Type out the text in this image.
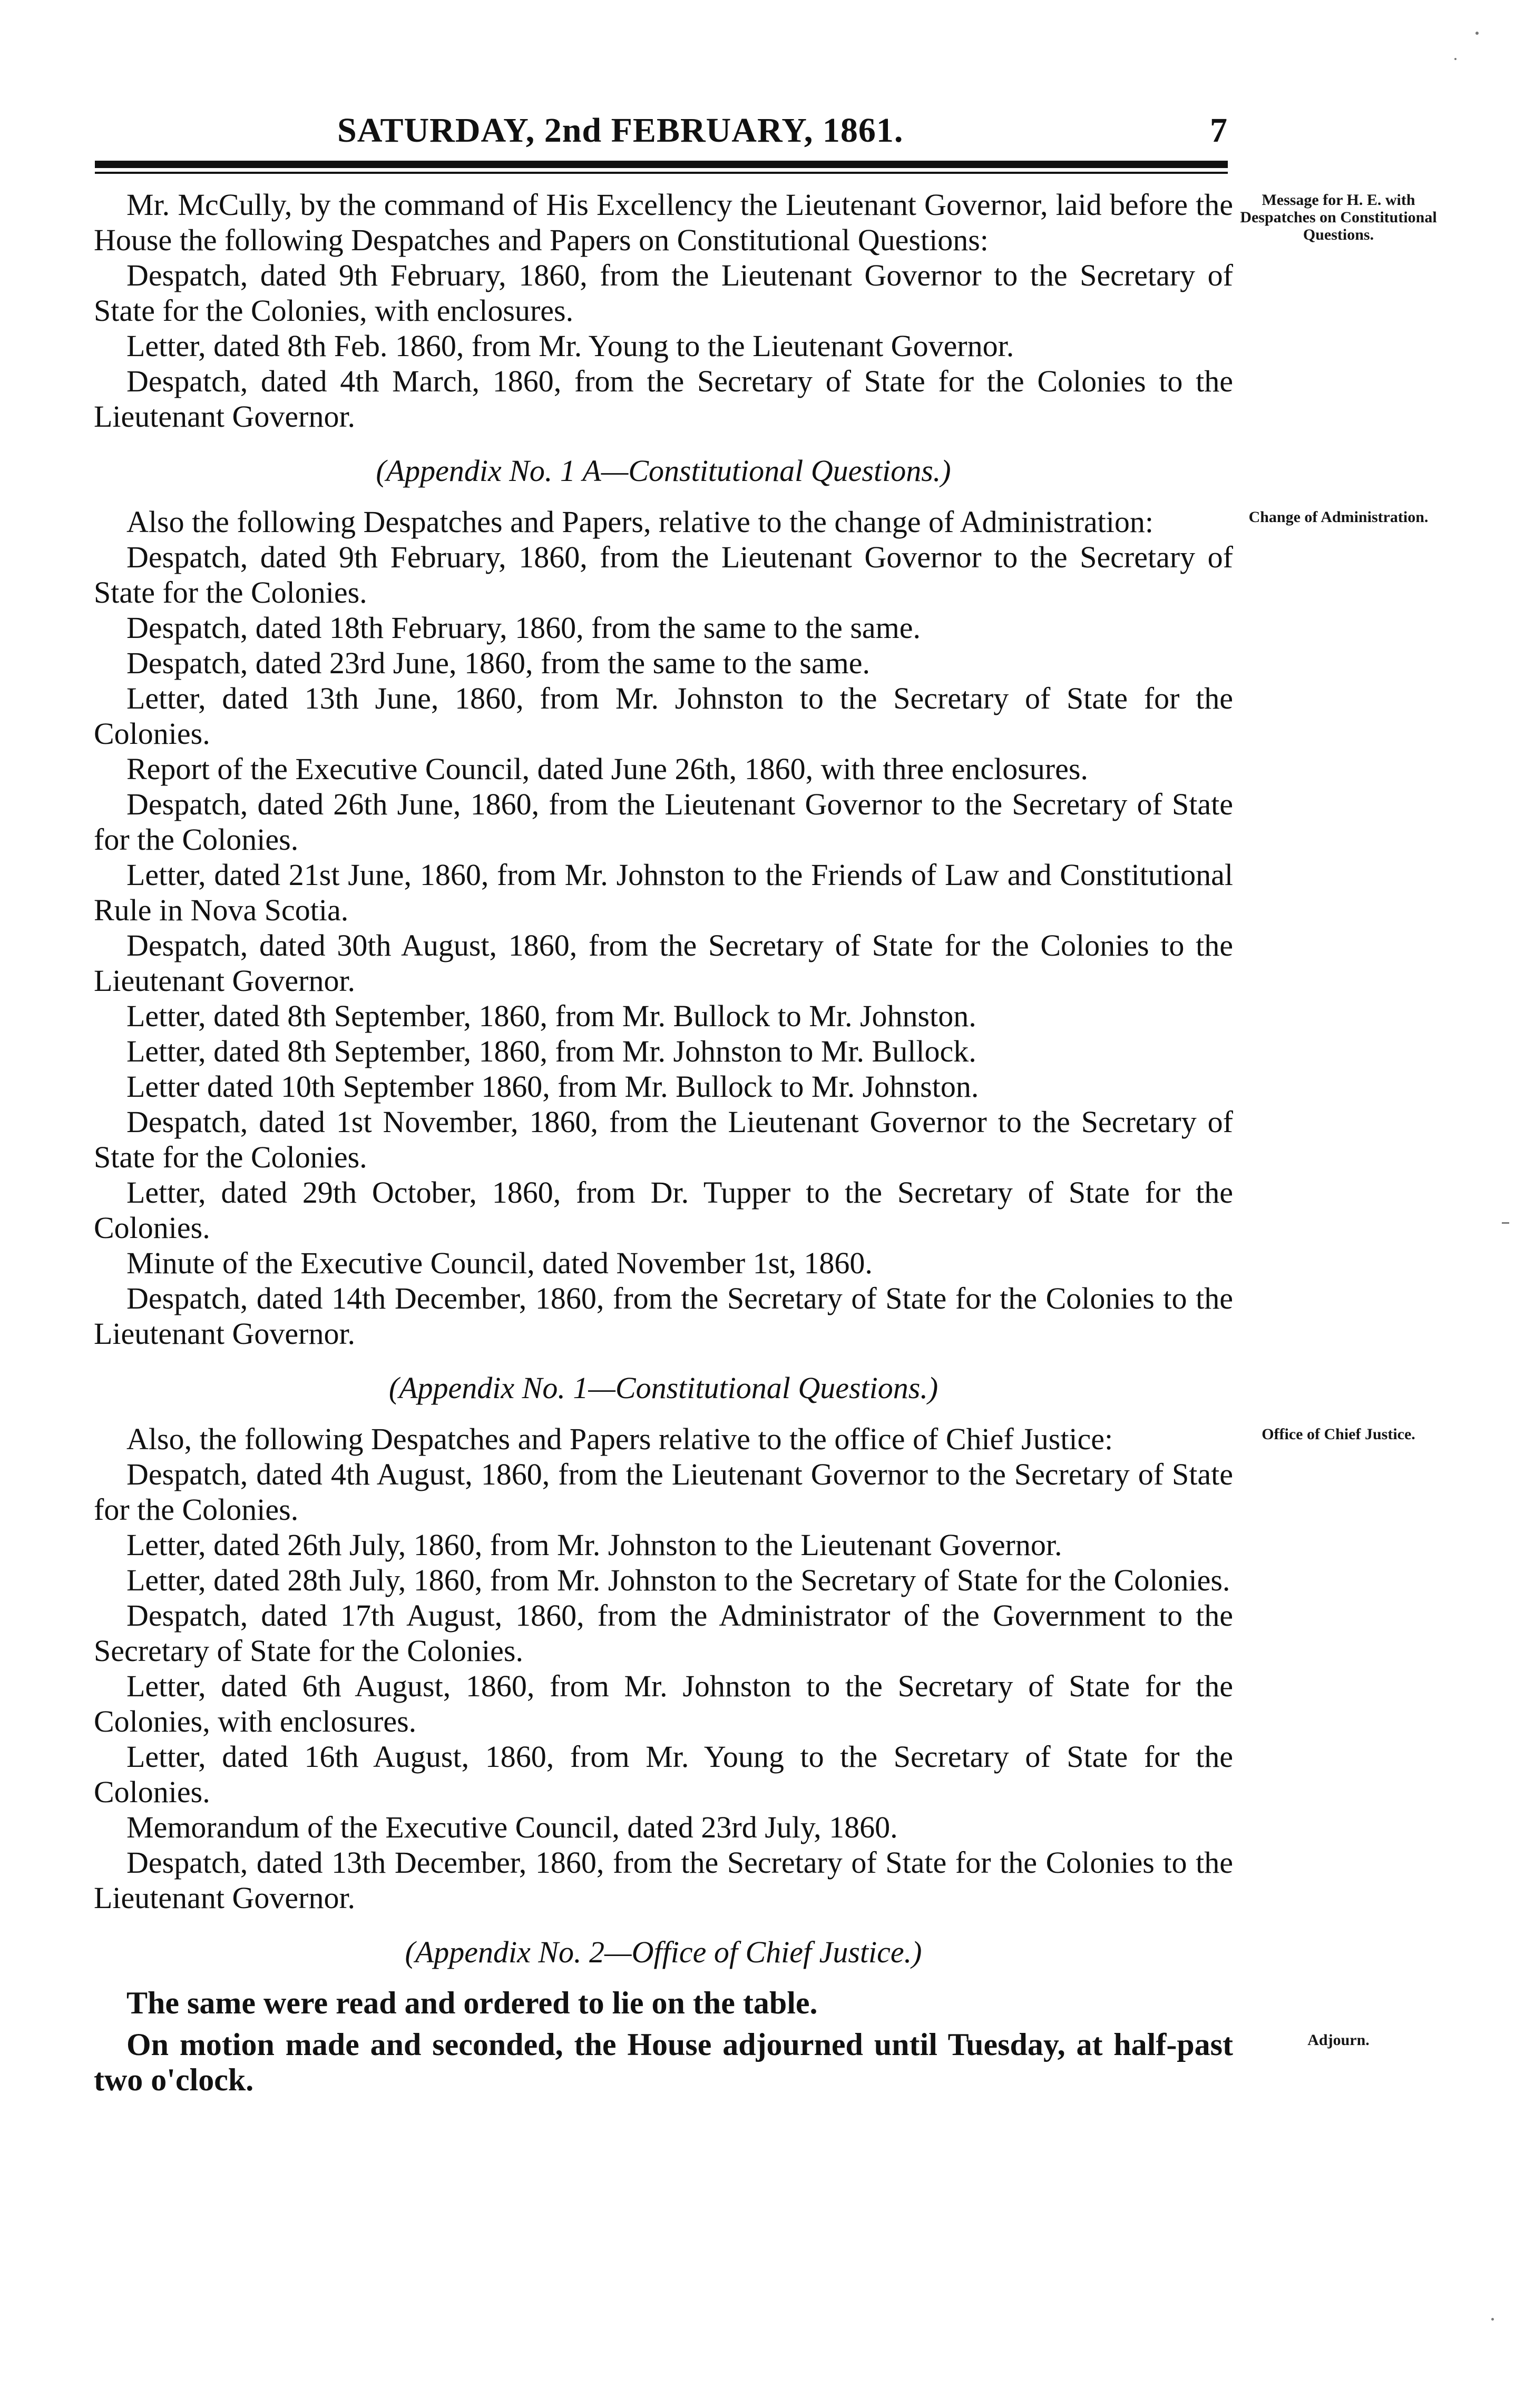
SATURDAY, 2nd FEBRUARY, 1861.	7

Mr. McCully, by the command of His Excellency the Lieutenant Governor, laid before the House the following Despatches and Papers on Constitutional Questions:

Despatch, dated 9th February, 1860, from the Lieutenant Governor to the Secretary of State for the Colonies, with enclosures.

Letter, dated 8th Feb. 1860, from Mr. Young to the Lieutenant Governor.

Despatch, dated 4th March, 1860, from the Secretary of State for the Colonies to the Lieutenant Governor.

(Appendix No. 1 A—Constitutional Questions.)

Also the following Despatches and Papers, relative to the change of Administration:

Despatch, dated 9th February, 1860, from the Lieutenant Governor to the Secretary of State for the Colonies.

Despatch, dated 18th February, 1860, from the same to the same.

Despatch, dated 23rd June, 1860, from the same to the same.

Letter, dated 13th June, 1860, from Mr. Johnston to the Secretary of State for the Colonies.

Report of the Executive Council, dated June 26th, 1860, with three enclosures.

Despatch, dated 26th June, 1860, from the Lieutenant Governor to the Secretary of State for the Colonies.

Letter, dated 21st June, 1860, from Mr. Johnston to the Friends of Law and Constitutional Rule in Nova Scotia.

Despatch, dated 30th August, 1860, from the Secretary of State for the Colonies to the Lieutenant Governor.

Letter, dated 8th September, 1860, from Mr. Bullock to Mr. Johnston.

Letter, dated 8th September, 1860, from Mr. Johnston to Mr. Bullock.

Letter dated 10th September 1860, from Mr. Bullock to Mr. Johnston.

Despatch, dated 1st November, 1860, from the Lieutenant Governor to the Secretary of State for the Colonies.

Letter, dated 29th October, 1860, from Dr. Tupper to the Secretary of State for the Colonies.

Minute of the Executive Council, dated November 1st, 1860.

Despatch, dated 14th December, 1860, from the Secretary of State for the Colonies to the Lieutenant Governor.

(Appendix No. 1—Constitutional Questions.)

Also, the following Despatches and Papers relative to the office of Chief Justice:

Despatch, dated 4th August, 1860, from the Lieutenant Governor to the Secretary of State for the Colonies.

Letter, dated 26th July, 1860, from Mr. Johnston to the Lieutenant Governor.

Letter, dated 28th July, 1860, from Mr. Johnston to the Secretary of State for the Colonies.

Despatch, dated 17th August, 1860, from the Administrator of the Government to the Secretary of State for the Colonies.

Letter, dated 6th August, 1860, from Mr. Johnston to the Secretary of State for the Colonies, with enclosures.

Letter, dated 16th August, 1860, from Mr. Young to the Secretary of State for the Colonies.

Memorandum of the Executive Council, dated 23rd July, 1860.

Despatch, dated 13th December, 1860, from the Secretary of State for the Colonies to the Lieutenant Governor.

(Appendix No. 2—Office of Chief Justice.)

The same were read and ordered to lie on the table.

On motion made and seconded, the House adjourned until Tuesday, at half-past two o'clock.

Message for H. E. with Despatches on Constitutional Questions.
Change of Administration.
Office of Chief Justice.
Adjourn.
